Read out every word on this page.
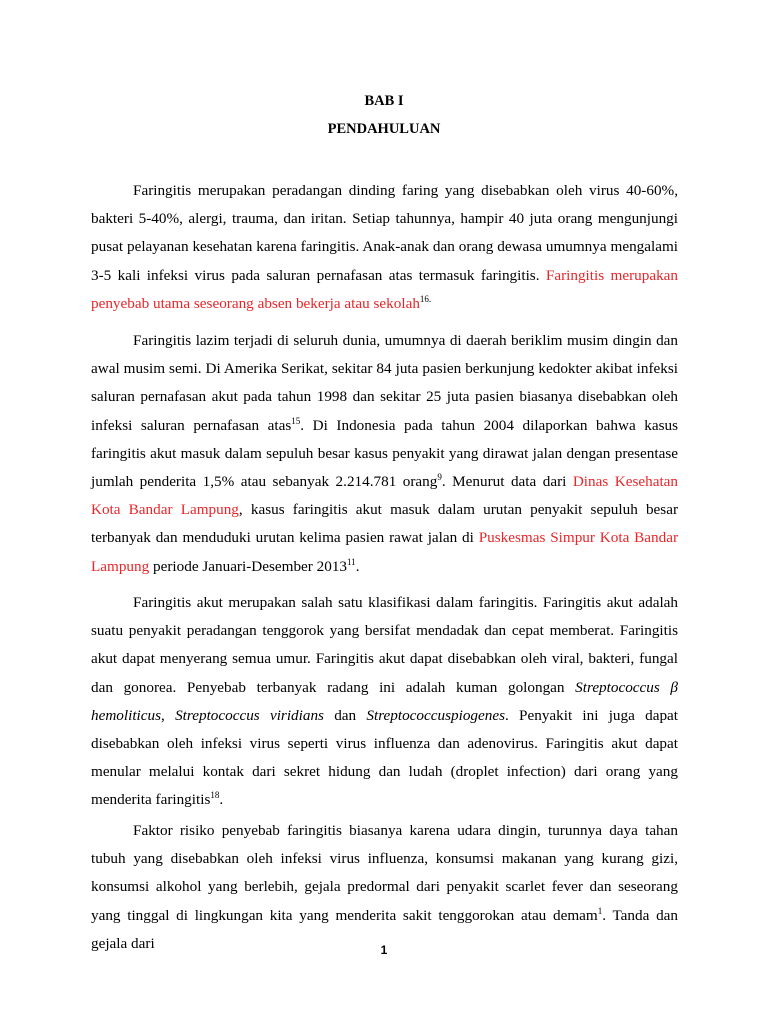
BAB I
PENDAHULUAN

Faringitis merupakan peradangan dinding faring yang disebabkan oleh virus 40-60%, bakteri 5-40%, alergi, trauma, dan iritan. Setiap tahunnya, hampir 40 juta orang mengunjungi pusat pelayanan kesehatan karena faringitis. Anak-anak dan orang dewasa umumnya mengalami 3-5 kali infeksi virus pada saluran pernafasan atas termasuk faringitis. Faringitis merupakan penyebab utama seseorang absen bekerja atau sekolah$^{16.}$

Faringitis lazim terjadi di seluruh dunia, umumnya di daerah beriklim musim dingin dan awal musim semi. Di Amerika Serikat, sekitar 84 juta pasien berkunjung kedokter akibat infeksi saluran pernafasan akut pada tahun 1998 dan sekitar 25 juta pasien biasanya disebabkan oleh infeksi saluran pernafasan atas$^{15}$. Di Indonesia pada tahun 2004 dilaporkan bahwa kasus faringitis akut masuk dalam sepuluh besar kasus penyakit yang dirawat jalan dengan presentase jumlah penderita 1,5% atau sebanyak 2.214.781 orang$^9$. Menurut data dari Dinas Kesehatan Kota Bandar Lampung, kasus faringitis akut masuk dalam urutan penyakit sepuluh besar terbanyak dan menduduki urutan kelima pasien rawat jalan di Puskesmas Simpur Kota Bandar Lampung periode Januari-Desember 2013$^{11}$.

Faringitis akut merupakan salah satu klasifikasi dalam faringitis. Faringitis akut adalah suatu penyakit peradangan tenggorok yang bersifat mendadak dan cepat memberat. Faringitis akut dapat menyerang semua umur. Faringitis akut dapat disebabkan oleh viral, bakteri, fungal dan gonorea. Penyebab terbanyak radang ini adalah kuman golongan Streptococcus β hemoliticus, Streptococcus viridians dan Streptococcuspiogenes. Penyakit ini juga dapat disebabkan oleh infeksi virus seperti virus influenza dan adenovirus. Faringitis akut dapat menular melalui kontak dari sekret hidung dan ludah (droplet infection) dari orang yang menderita faringitis$^{18}$.

Faktor risiko penyebab faringitis biasanya karena udara dingin, turunnya daya tahan tubuh yang disebabkan oleh infeksi virus influenza, konsumsi makanan yang kurang gizi, konsumsi alkohol yang berlebih, gejala predormal dari penyakit scarlet fever dan seseorang yang tinggal di lingkungan kita yang menderita sakit tenggorokan atau demam$^1$. Tanda dan gejala dari	1
